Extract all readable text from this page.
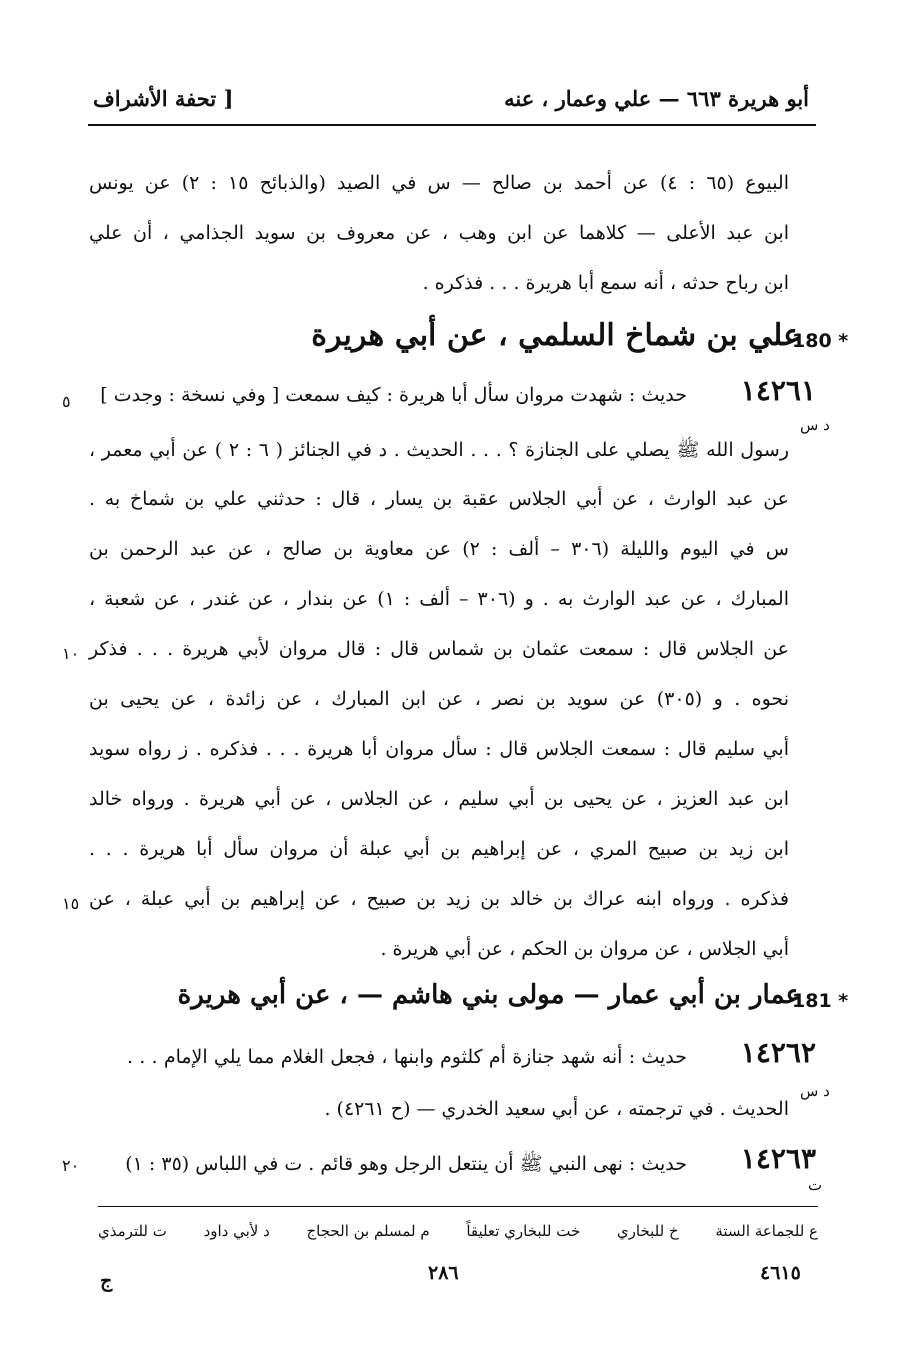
أبو هريرة ٦٦٣ — علي وعمار ، عنه
[ تحفة الأشراف
البيوع (٦٥ : ٤) عن أحمد بن صالح — س في الصيد (والذبائح ١٥ : ٢) عن يونس
ابن عبد الأعلى — كلاهما عن ابن وهب ، عن معروف بن سويد الجذامي ، أن علي
ابن رباح حدثه ، أنه سمع أبا هريرة . . . فذكره .
180 *
علي بن شماخ السلمي ، عن أبي هريرة
١٤٢٦١
حديث : شهدت مروان سأل أبا هريرة : كيف سمعت [ وفي نسخة : وجدت ]
د س
رسول الله ﷺ يصلي على الجنازة ؟ . . . الحديث . د في الجنائز ( ٦ : ٢ ) عن أبي معمر ،
عن عبد الوارث ، عن أبي الجلاس عقبة بن يسار ، قال : حدثني علي بن شماخ به .
س في اليوم والليلة (٣٠٦ – ألف : ٢) عن معاوية بن صالح ، عن عبد الرحمن بن
المبارك ، عن عبد الوارث به . و (٣٠٦ – ألف : ١) عن بندار ، عن غندر ، عن شعبة ،
عن الجلاس قال : سمعت عثمان بن شماس قال : قال مروان لأبي هريرة . . . فذكر
نحوه . و (٣٠٥) عن سويد بن نصر ، عن ابن المبارك ، عن زائدة ، عن يحيى بن
أبي سليم قال : سمعت الجلاس قال : سأل مروان أبا هريرة . . . فذكره . ز رواه سويد
ابن عبد العزيز ، عن يحيى بن أبي سليم ، عن الجلاس ، عن أبي هريرة . ورواه خالد
ابن زيد بن صبيح المري ، عن إبراهيم بن أبي عبلة أن مروان سأل أبا هريرة . . .
فذكره . ورواه ابنه عراك بن خالد بن زيد بن صبيح ، عن إبراهيم بن أبي عبلة ، عن
أبي الجلاس ، عن مروان بن الحكم ، عن أبي هريرة .
181 *
عمار بن أبي عمار — مولى بني هاشم — ، عن أبي هريرة
١٤٢٦٢
حديث : أنه شهد جنازة أم كلثوم وابنها ، فجعل الغلام مما يلي الإمام . . .
د س
الحديث . في ترجمته ، عن أبي سعيد الخدري — (ح ٤٢٦١) .
١٤٢٦٣
حديث : نهى النبي ﷺ أن ينتعل الرجل وهو قائم . ت في اللباس (٣٥ : ١)
ت
٥
١٠
١٥
٢٠
ع للجماعة الستة
خ للبخاري
خت للبخاري تعليقاً
م لمسلم بن الحجاج
د لأبي داود
ت للترمذي
ج	٢٨٦	٤٦١٥
